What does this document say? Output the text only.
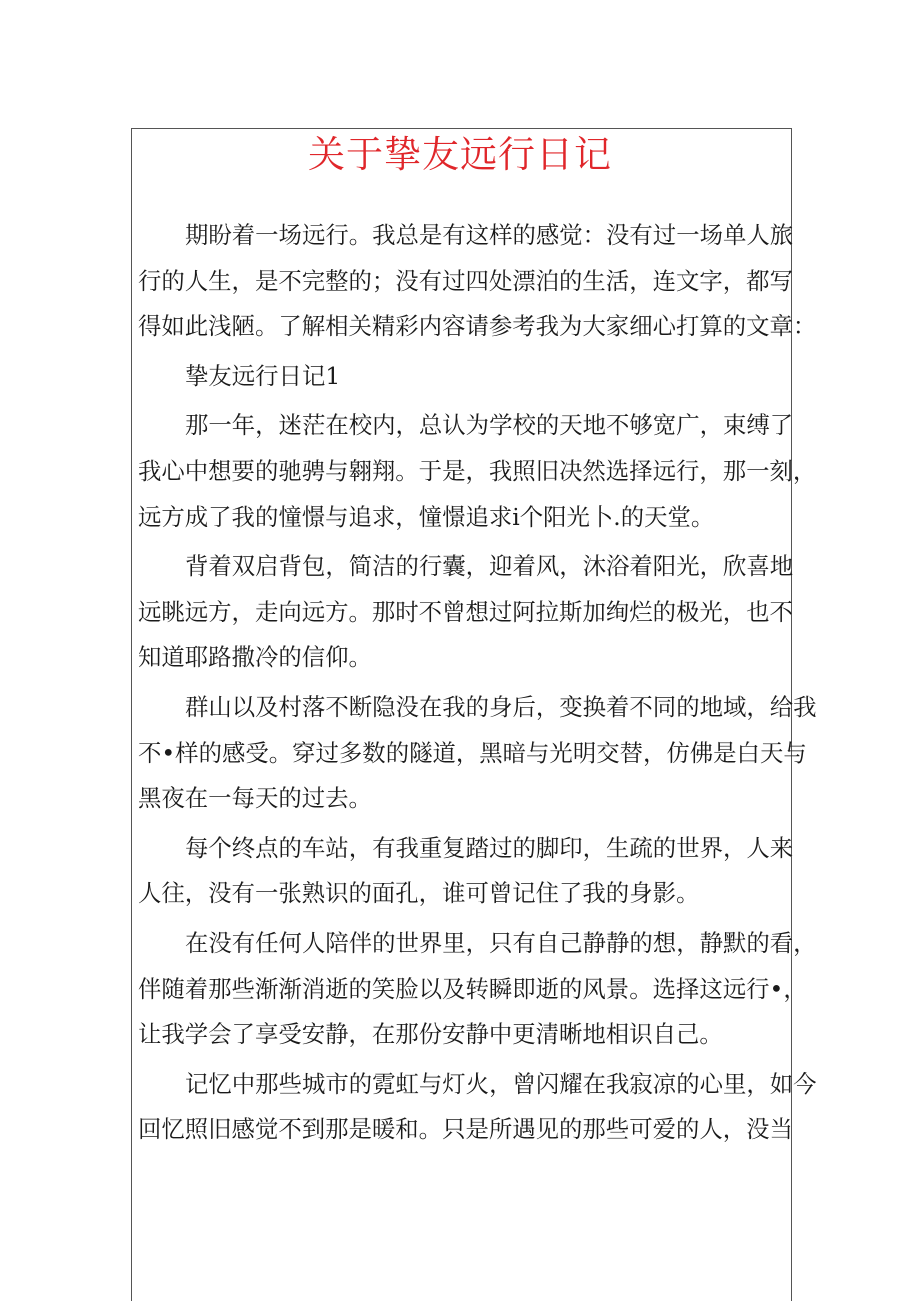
关于挚友远行日记
期盼着一场远行。我总是有这样的感觉：没有过一场单人旅
行的人生，是不完整的；没有过四处漂泊的生活，连文字，都写
得如此浅陋。了解相关精彩内容请参考我为大家细心打算的文章：
挚友远行日记1
那一年，迷茫在校内，总认为学校的天地不够宽广，束缚了
我心中想要的驰骋与翱翔。于是，我照旧决然选择远行，那一刻，
远方成了我的憧憬与追求，憧憬追求i个阳光卜.的天堂。
背着双启背包，简洁的行囊，迎着风，沐浴着阳光，欣喜地
远眺远方，走向远方。那时不曾想过阿拉斯加绚烂的极光，也不
知道耶路撒冷的信仰。
群山以及村落不断隐没在我的身后，变换着不同的地域，给我
不•样的感受。穿过多数的隧道，黑暗与光明交替，仿佛是白天与
黑夜在一每天的过去。
每个终点的车站，有我重复踏过的脚印，生疏的世界，人来
人往，没有一张熟识的面孔，谁可曾记住了我的身影。
在没有任何人陪伴的世界里，只有自己静静的想，静默的看，
伴随着那些渐渐消逝的笑脸以及转瞬即逝的风景。选择这远行•，
让我学会了享受安静，在那份安静中更清晰地相识自己。
记忆中那些城市的霓虹与灯火，曾闪耀在我寂凉的心里，如今
回忆照旧感觉不到那是暖和。只是所遇见的那些可爱的人，没当
